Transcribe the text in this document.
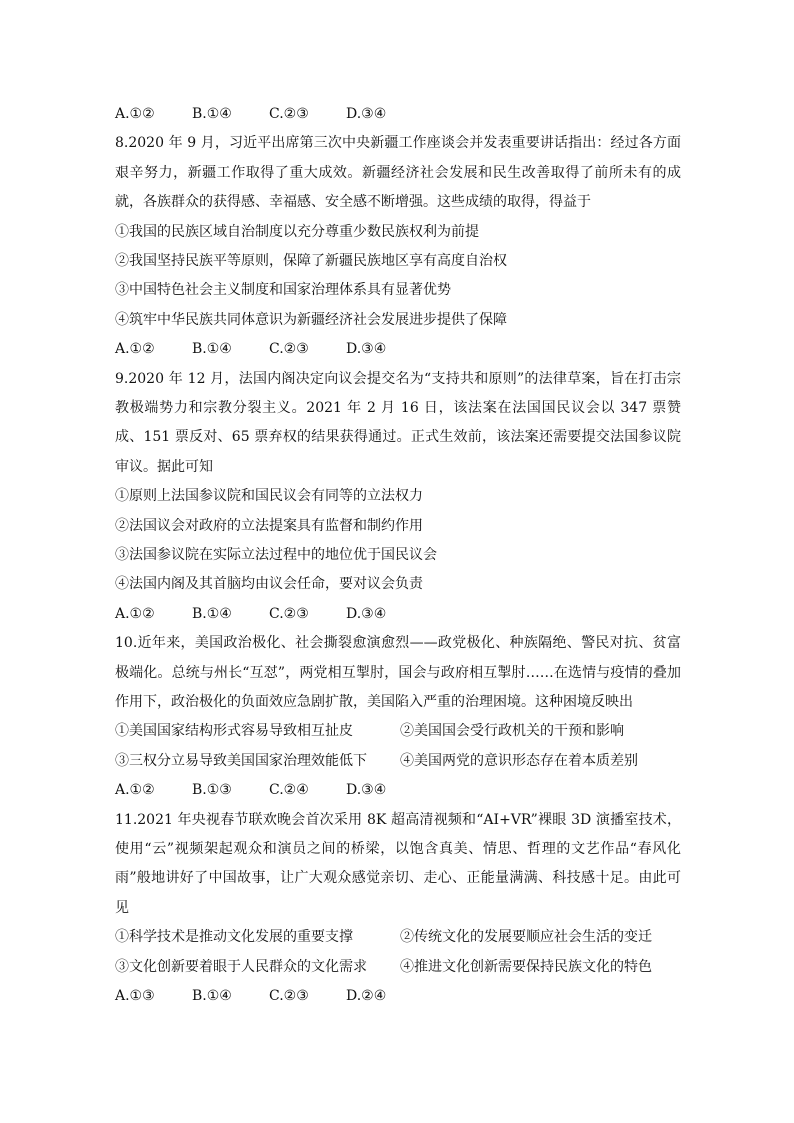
A.①②	B.①④	C.②③	D.③④
8.2020 年 9 月，习近平出席第三次中央新疆工作座谈会并发表重要讲话指出：经过各方面艰辛努力，新疆工作取得了重大成效。新疆经济社会发展和民生改善取得了前所未有的成就，各族群众的获得感、幸福感、安全感不断增强。这些成绩的取得，得益于
①我国的民族区域自治制度以充分尊重少数民族权利为前提
②我国坚持民族平等原则，保障了新疆民族地区享有高度自治权
③中国特色社会主义制度和国家治理体系具有显著优势
④筑牢中华民族共同体意识为新疆经济社会发展进步提供了保障
A.①②	B.①④	C.②③	D.③④
9.2020 年 12 月，法国内阁决定向议会提交名为“支持共和原则”的法律草案，旨在打击宗教极端势力和宗教分裂主义。2021 年 2 月 16 日，该法案在法国国民议会以 347 票赞成、151 票反对、65 票弃权的结果获得通过。正式生效前，该法案还需要提交法国参议院审议。据此可知
①原则上法国参议院和国民议会有同等的立法权力
②法国议会对政府的立法提案具有监督和制约作用
③法国参议院在实际立法过程中的地位优于国民议会
④法国内阁及其首脑均由议会任命，要对议会负责
A.①②	B.①④	C.②③	D.③④
10.近年来，美国政治极化、社会撕裂愈演愈烈——政党极化、种族隔绝、警民对抗、贫富极端化。总统与州长“互怼”，两党相互掣肘，国会与政府相互掣肘……在选情与疫情的叠加作用下，政治极化的负面效应急剧扩散，美国陷入严重的治理困境。这种困境反映出
①美国国家结构形式容易导致相互扯皮	②美国国会受行政机关的干预和影响
③三权分立易导致美国国家治理效能低下 ④美国两党的意识形态存在着本质差别
A.①②	B.①③	C.②④	D.③④
11.2021 年央视春节联欢晚会首次采用 8K 超高清视频和“AI+VR”裸眼 3D 演播室技术，使用“云”视频架起观众和演员之间的桥梁，以饱含真美、情思、哲理的文艺作品“春风化雨”般地讲好了中国故事，让广大观众感觉亲切、走心、正能量满满、科技感十足。由此可见
①科学技术是推动文化发展的重要支撑	②传统文化的发展要顺应社会生活的变迁
③文化创新要着眼于人民群众的文化需求 ④推进文化创新需要保持民族文化的特色
A.①③	B.①④	C.②③	D.②④
